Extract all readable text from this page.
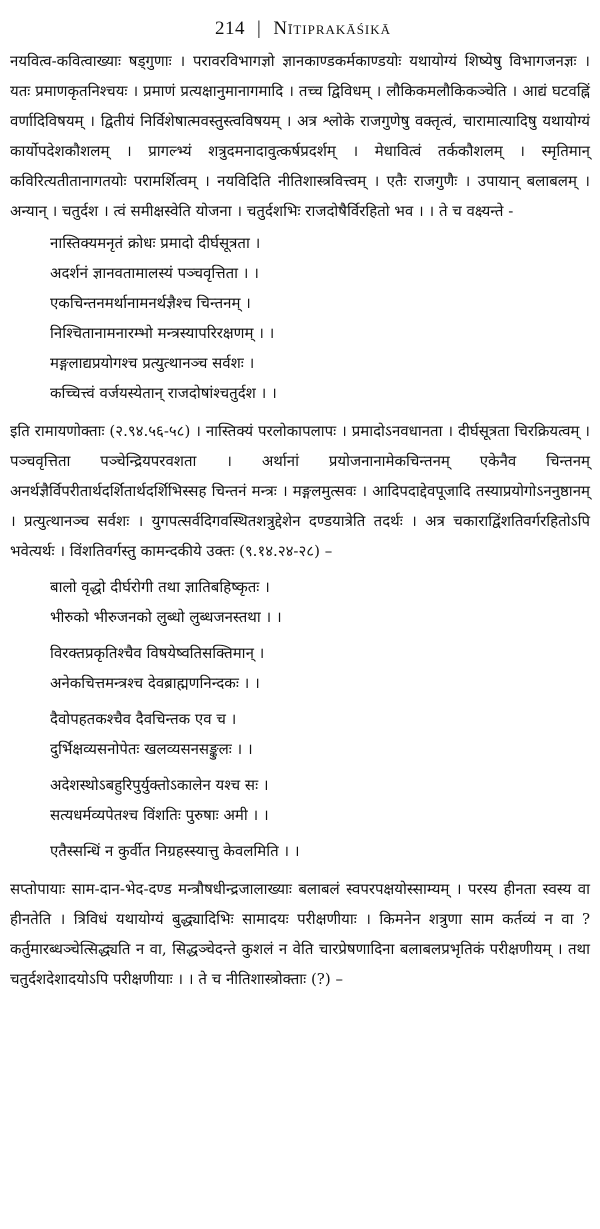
214 | Nītiprakāśikā

नयवित्व-कवित्वाख्याः षड्गुणाः । परावरविभागज्ञो ज्ञानकाण्डकर्मकाण्डयोः यथायोग्यं शिष्येषु विभागजनज्ञः । यतः प्रमाणकृतनिश्चयः । प्रमाणं प्रत्यक्षानुमानागमादि । तच्च द्विविधम् । लौकिकमलौकिकञ्चेति । आद्यं घटवह्निं वर्णादिविषयम् । द्वितीयं निर्विशेषात्मवस्तुस्त्वविषयम् । अत्र श्लोके राजगुणेषु वक्तृत्वं, चारामात्यादिषु यथायोग्यं कार्योपदेशकौशलम् । प्रागल्भ्यं शत्रुदमनादावुत्कर्षप्रदर्शम् । मेधावित्वं तर्ककौशलम् । स्मृतिमान् कविरित्यतीतानागतयोः परामर्शित्वम् । नयविदिति नीतिशास्त्रवित्त्वम् । एतैः राजगुणैः । उपायान् बलाबलम् । अन्यान् । चतुर्दश । त्वं समीक्षस्वेति योजना । चतुर्दशभिः राजदोषैर्विरहितो भव । । ते च वक्ष्यन्ते -

नास्तिक्यमनृतं क्रोधः प्रमादो दीर्घसूत्रता ।
अदर्शनं ज्ञानवतामालस्यं पञ्चवृत्तिता । ।
एकचिन्तनमर्थानामनर्थज्ञैश्च चिन्तनम् ।
निश्चितानामनारम्भो मन्त्रस्यापरिरक्षणम् । ।
मङ्गलाद्यप्रयोगश्च प्रत्युत्थानञ्च सर्वशः ।
कच्चित्त्वं वर्जयस्येतान् राजदोषांश्चतुर्दश । ।

इति रामायणोक्ताः (२.९४.५६-५८) । नास्तिक्यं परलोकापलापः । प्रमादोऽनवधानता । दीर्घसूत्रता चिरक्रियत्वम् । पञ्चवृत्तिता पञ्चेन्द्रियपरवशता । अर्थानां प्रयोजनानामेकचिन्तनम् एकेनैव चिन्तनम् अनर्थज्ञैर्विपरीतार्थदर्शितार्थदर्शिभिस्सह चिन्तनं मन्त्रः । मङ्गलमुत्सवः । आदिपदाद्देवपूजादि तस्याप्रयोगोऽननुष्ठानम् । प्रत्युत्थानञ्च सर्वशः । युगपत्सर्वदिगवस्थितशत्रुद्देशेन दण्डयात्रेति तदर्थः । अत्र चकाराद्विंशतिवर्गरहितोऽपि भवेत्यर्थः । विंशतिवर्गस्तु कामन्दकीये उक्तः (९.१४.२४-२८) –

बालो वृद्धो दीर्घरोगी तथा ज्ञातिबहिष्कृतः ।
भीरुको भीरुजनको लुब्धो लुब्धजनस्तथा । ।
विरक्तप्रकृतिश्चैव विषयेष्वतिसक्तिमान् ।
अनेकचित्तमन्त्रश्च देवब्राह्मणनिन्दकः । ।
दैवोपहतकश्चैव दैवचिन्तक एव च ।
दुर्भिक्षव्यसनोपेतः खलव्यसनसङ्कुलः । ।
अदेशस्थोऽबहुरिपुर्युक्तोऽकालेन यश्च सः ।
सत्यधर्मव्यपेतश्च विंशतिः पुरुषाः अमी । ।
एतैस्सन्धिं न कुर्वीत निग्रहस्स्यात्तु केवलमिति । ।

सप्तोपायाः साम-दान-भेद-दण्ड मन्त्रौषधीन्द्रजालाख्याः बलाबलं स्वपरपक्षयोस्साम्यम् । परस्य हीनता स्वस्य वा हीनतेति । त्रिविधं यथायोग्यं बुद्ध्यादिभिः सामादयः परीक्षणीयाः । किमनेन शत्रुणा साम कर्तव्यं न वा ? कर्तुमारब्धञ्चेत्सिद्ध्यति न वा, सिद्धञ्चेदन्ते कुशलं न वेति चारप्रेषणादिना बलाबलप्रभृतिकं परीक्षणीयम् । तथा चतुर्दशदेशादयोऽपि परीक्षणीयाः । । ते च नीतिशास्त्रोक्ताः (?) –
